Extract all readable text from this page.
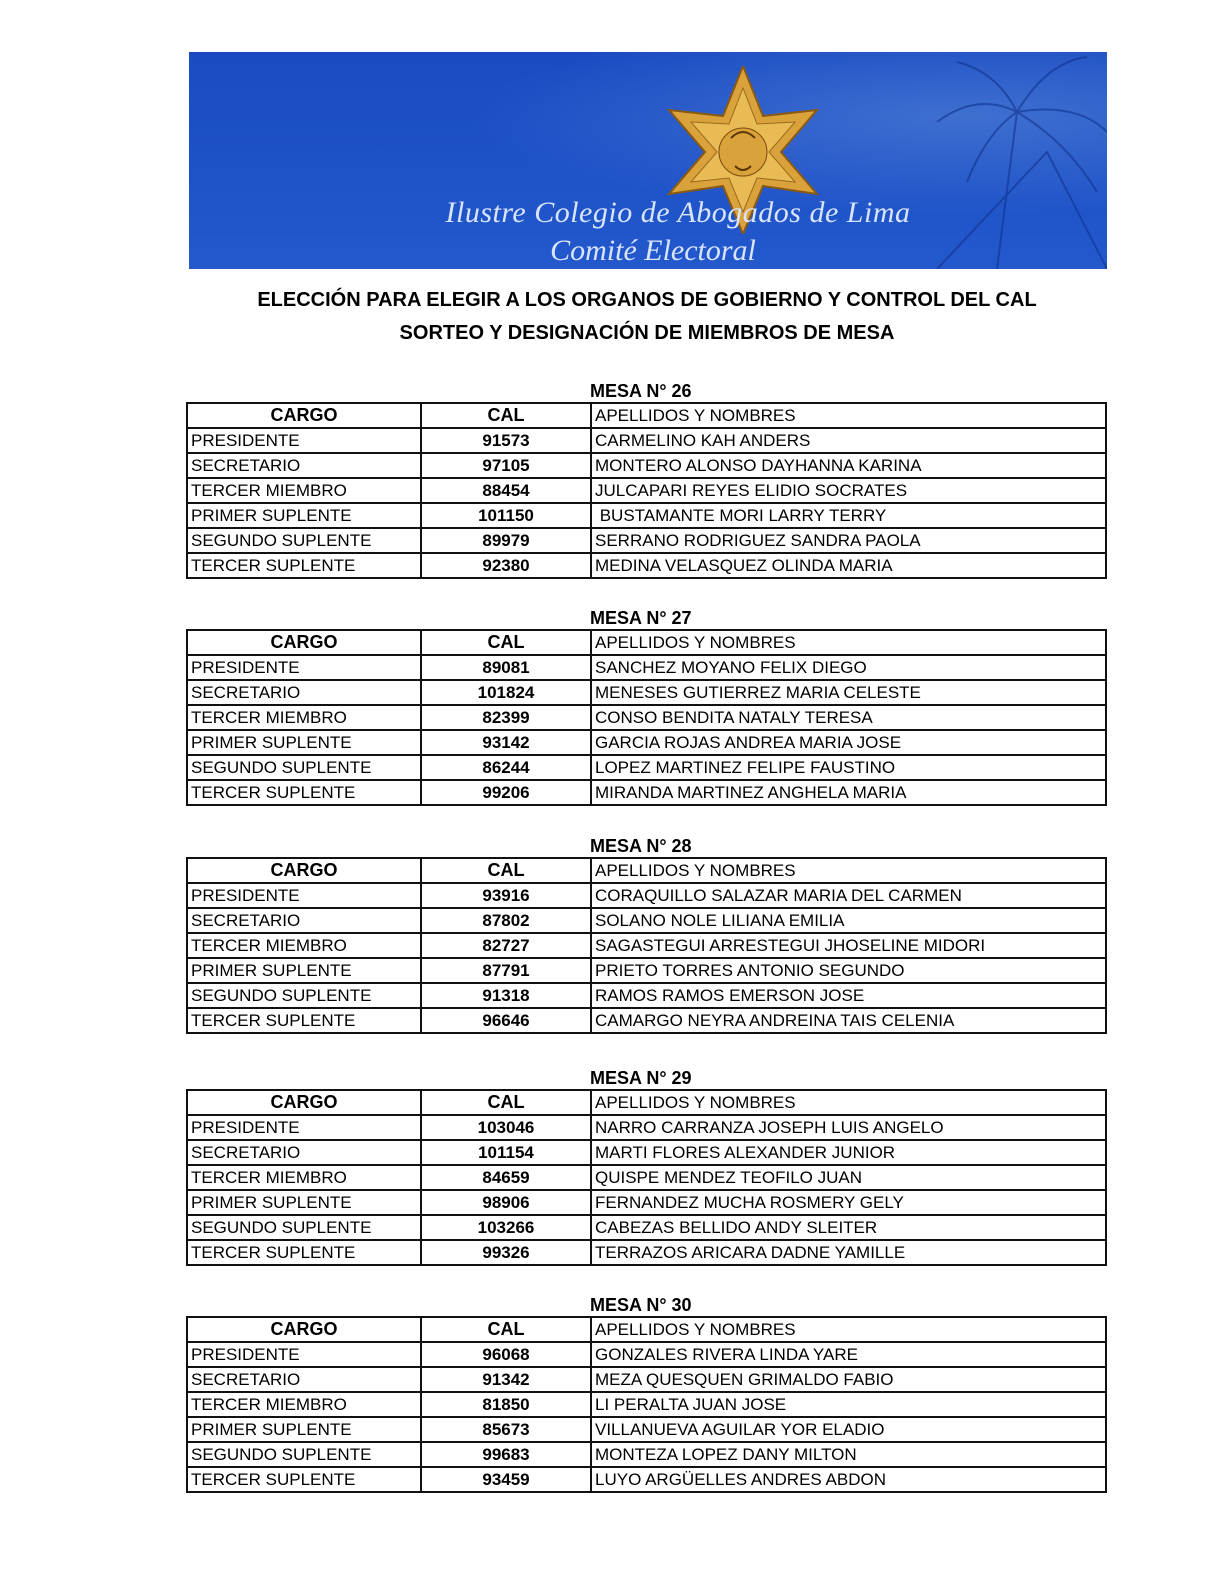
Ilustre Colegio de Abogados de Lima
Comité Electoral
ELECCIÓN PARA ELEGIR A LOS ORGANOS DE GOBIERNO Y CONTROL DEL CAL
SORTEO Y DESIGNACIÓN DE MIEMBROS DE MESA
MESA N° 26
CARGO	CAL	APELLIDOS Y NOMBRES
PRESIDENTE	91573	CARMELINO KAH ANDERS
SECRETARIO	97105	MONTERO ALONSO DAYHANNA KARINA
TERCER MIEMBRO	88454	JULCAPARI REYES ELIDIO SOCRATES
PRIMER SUPLENTE	101150	BUSTAMANTE MORI LARRY TERRY
SEGUNDO SUPLENTE	89979	SERRANO RODRIGUEZ SANDRA PAOLA
TERCER SUPLENTE	92380	MEDINA VELASQUEZ OLINDA MARIA
MESA N° 27
CARGO	CAL	APELLIDOS Y NOMBRES
PRESIDENTE	89081	SANCHEZ MOYANO FELIX DIEGO
SECRETARIO	101824	MENESES GUTIERREZ MARIA CELESTE
TERCER MIEMBRO	82399	CONSO BENDITA NATALY TERESA
PRIMER SUPLENTE	93142	GARCIA ROJAS ANDREA MARIA JOSE
SEGUNDO SUPLENTE	86244	LOPEZ MARTINEZ FELIPE FAUSTINO
TERCER SUPLENTE	99206	MIRANDA MARTINEZ ANGHELA MARIA
MESA N° 28
CARGO	CAL	APELLIDOS Y NOMBRES
PRESIDENTE	93916	CORAQUILLO SALAZAR MARIA DEL CARMEN
SECRETARIO	87802	SOLANO NOLE LILIANA EMILIA
TERCER MIEMBRO	82727	SAGASTEGUI ARRESTEGUI JHOSELINE MIDORI
PRIMER SUPLENTE	87791	PRIETO TORRES ANTONIO SEGUNDO
SEGUNDO SUPLENTE	91318	RAMOS RAMOS EMERSON JOSE
TERCER SUPLENTE	96646	CAMARGO NEYRA ANDREINA TAIS CELENIA
MESA N° 29
CARGO	CAL	APELLIDOS Y NOMBRES
PRESIDENTE	103046	NARRO CARRANZA JOSEPH LUIS ANGELO
SECRETARIO	101154	MARTI FLORES ALEXANDER JUNIOR
TERCER MIEMBRO	84659	QUISPE MENDEZ TEOFILO JUAN
PRIMER SUPLENTE	98906	FERNANDEZ MUCHA ROSMERY GELY
SEGUNDO SUPLENTE	103266	CABEZAS BELLIDO ANDY SLEITER
TERCER SUPLENTE	99326	TERRAZOS ARICARA DADNE YAMILLE
MESA N° 30
CARGO	CAL	APELLIDOS Y NOMBRES
PRESIDENTE	96068	GONZALES RIVERA LINDA YARE
SECRETARIO	91342	MEZA QUESQUEN GRIMALDO FABIO
TERCER MIEMBRO	81850	LI PERALTA JUAN JOSE
PRIMER SUPLENTE	85673	VILLANUEVA AGUILAR YOR ELADIO
SEGUNDO SUPLENTE	99683	MONTEZA LOPEZ DANY MILTON
TERCER SUPLENTE	93459	LUYO ARGÜELLES ANDRES ABDON
